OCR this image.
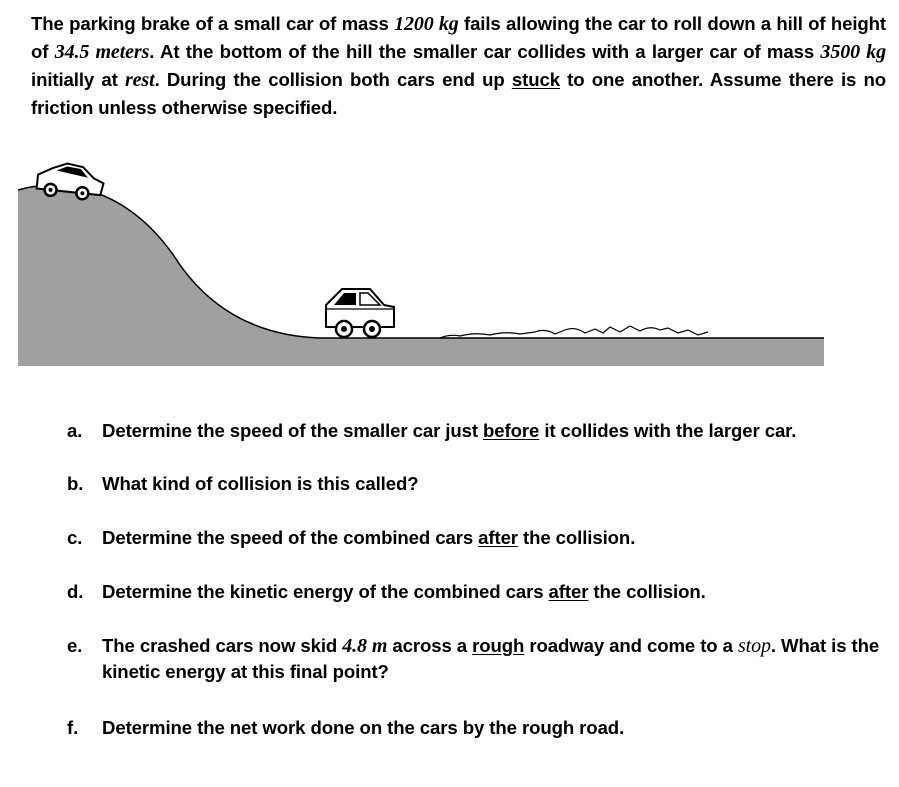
The parking brake of a small car of mass 1200 kg fails allowing the car to roll down a hill of height of 34.5 meters. At the bottom of the hill the smaller car collides with a larger car of mass 3500 kg initially at rest. During the collision both cars end up stuck to one another. Assume there is no friction unless otherwise specified.
a.	Determine the speed of the smaller car just before it collides with the larger car.
b.	What kind of collision is this called?
c.	Determine the speed of the combined cars after the collision.
d.	Determine the kinetic energy of the combined cars after the collision.
e.	The crashed cars now skid 4.8 m across a rough roadway and come to a stop. What is the kinetic energy at this final point?
f.	Determine the net work done on the cars by the rough road.
